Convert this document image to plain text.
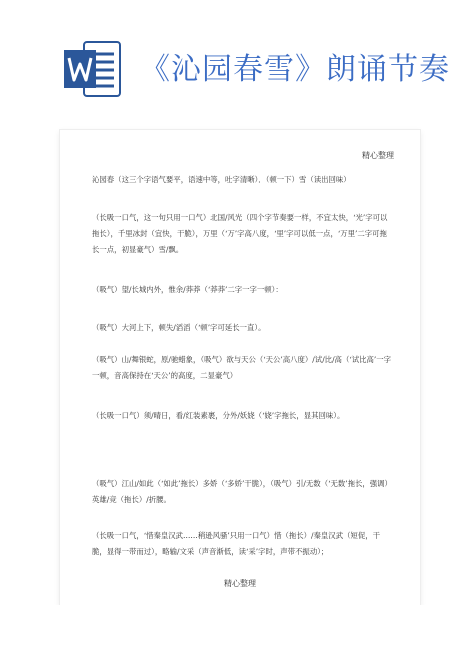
《沁园春雪》朗诵节奏
精心整理
沁园春（这三个字语气要平，语速中等，吐字清晰）．（顿一下）雪（读出回味）
（长吸一口气，这一句只用一口气）北国/风光（四个字节奏要一样，不宜太快，‘光’字可以拖长），千里冰封（宜快，干脆），万里（‘万’字高八度，‘里’字可以低一点，‘万里’二字可拖长一点，初显豪气）雪/飘。
（吸气）望/长城内外，惟余/莽莽（‘莽莽’二字一字一顿）：
（吸气）大河上下，顿失/滔滔（‘顿’字可延长一直）。
（吸气）山/舞银蛇，原/驰蜡象，（吸气）欲与天公（‘天公’高八度）/试/比/高（‘试比高’一字一顿，音高保持在‘天公’的高度，二显豪气）
（长吸一口气）须/晴日，看/红装素裹，分外/妖娆（‘娆’字拖长，显其回味）。
（吸气）江山/如此（‘如此’拖长）多娇（‘多娇’干脆），（吸气）引/无数（‘无数’拖长，强调）英雄/竞（拖长）/折腰。
（长吸一口气，‘惜秦皇汉武……稍逊风骚’只用一口气）惜（拖长）/秦皇汉武（短促，干脆，显得一带而过），略输/文采（声音渐低，读‘采’字时，声带不振动）；
精心整理
